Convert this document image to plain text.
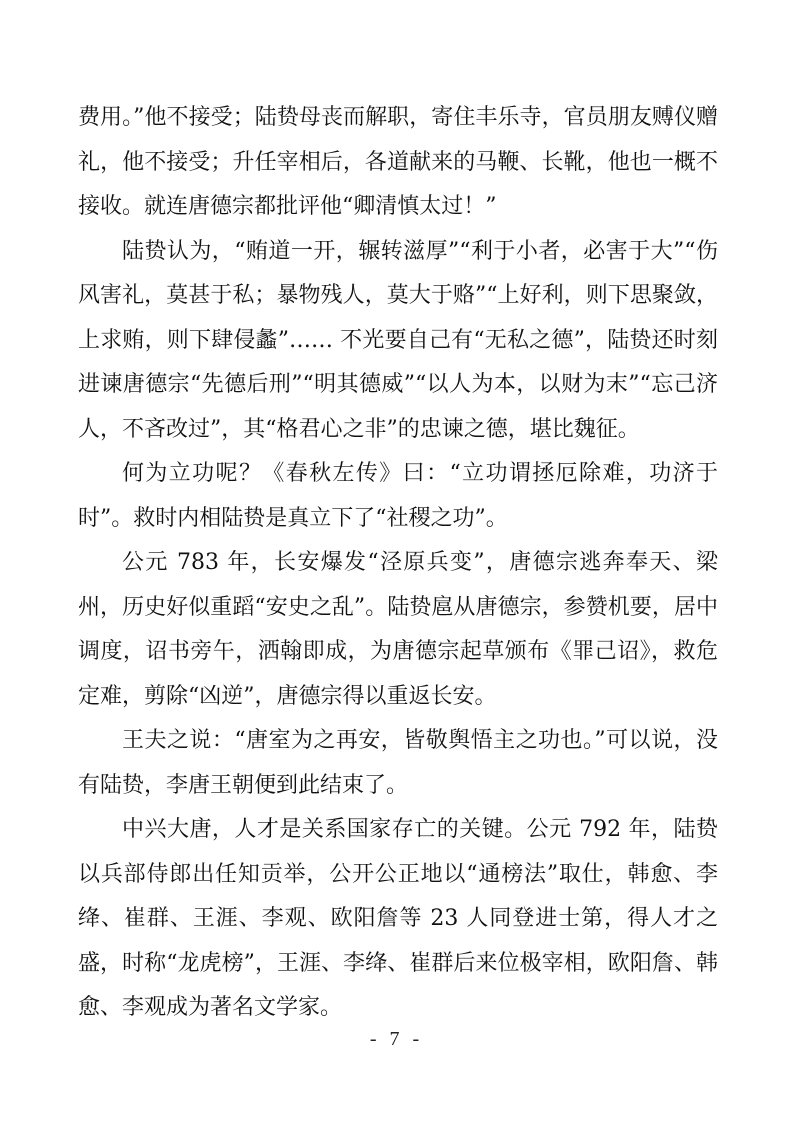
费用。”他不接受；陆贽母丧而解职，寄住丰乐寺，官员朋友赙仪赠礼，他不接受；升任宰相后，各道献来的马鞭、长靴，他也一概不接收。就连唐德宗都批评他“卿清慎太过！”

陆贽认为，“贿道一开，辗转滋厚”“利于小者，必害于大”“伤风害礼，莫甚于私；暴物残人，莫大于赂”“上好利，则下思聚敛，上求贿，则下肆侵蠡”…… 不光要自己有“无私之德”，陆贽还时刻进谏唐德宗“先德后刑”“明其德威”“以人为本，以财为末”“忘己济人，不吝改过”，其“格君心之非”的忠谏之德，堪比魏征。

何为立功呢？《春秋左传》曰：“立功谓拯厄除难，功济于时”。救时内相陆贽是真立下了“社稷之功”。

公元 783 年，长安爆发“泾原兵变”，唐德宗逃奔奉天、梁州，历史好似重蹈“安史之乱”。陆贽扈从唐德宗，参赞机要，居中调度，诏书旁午，洒翰即成，为唐德宗起草颁布《罪己诏》，救危定难，剪除“凶逆”，唐德宗得以重返长安。

王夫之说：“唐室为之再安，皆敬舆悟主之功也。”可以说，没有陆贽，李唐王朝便到此结束了。

中兴大唐，人才是关系国家存亡的关键。公元 792 年，陆贽以兵部侍郎出任知贡举，公开公正地以“通榜法”取仕，韩愈、李绛、崔群、王涯、李观、欧阳詹等 23 人同登进士第，得人才之盛，时称“龙虎榜”，王涯、李绛、崔群后来位极宰相，欧阳詹、韩愈、李观成为著名文学家。

- 7 -
